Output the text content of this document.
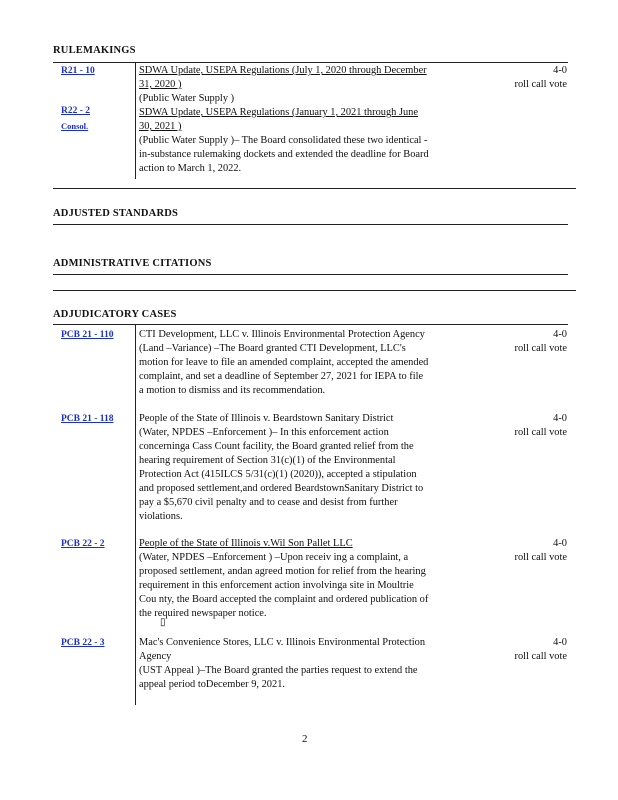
RULEMAKINGS
R21 - 10	SDWA Update, USEPA Regulations (July 1, 2020 through December
31, 2020 )
(Public Water Supply )
4-0
roll call vote
R22 - 2
Consol.
SDWA Update, USEPA Regulations (January 1, 2021 through June
30, 2021 )
(Public Water Supply )– The Board consolidated these two identical -
in-substance rulemaking dockets and extended the deadline for Board
action to March 1, 2022.
ADJUSTED STANDARDS
ADMINISTRATIVE CITATIONS
ADJUDICATORY CASES
PCB 21 - 110 CTI Development, LLC v. Illinois Environmental Protection Agency
(Land –Variance) –The Board granted CTI Development, LLC's
motion for leave to file an amended complaint, accepted the amended
complaint, and set a deadline of September 27, 2021 for IEPA to file
a motion to dismiss and its recommendation.
4-0
roll call vote
PCB 21 - 118 People of the State of Illinois v. Beardstown Sanitary District
(Water, NPDES –Enforcement )– In this enforcement action
concerninga Cass Count facility, the Board granted relief from the
hearing requirement of Section 31(c)(1) of the Environmental
Protection Act (415ILCS 5/31(c)(1) (2020)), accepted a stipulation
and proposed settlement,and ordered BeardstownSanitary District to
pay a $5,670 civil penalty and to cease and desist from further
violations.
4-0
roll call vote
PCB 22 - 2	People of the State of Illinois v.Wil Son Pallet LLC
(Water, NPDES –Enforcement ) –Upon receiv ing a complaint, a
proposed settlement, andan agreed motion for relief from the hearing
requirement in this enforcement action involvinga site in Moultrie
Cou nty, the Board accepted the complaint and ordered publication of
the required newspaper notice.
4-0
roll call vote
▯
PCB 22 - 3	Mac's Convenience Stores, LLC v. Illinois Environmental Protection
Agency
(UST Appeal )–The Board granted the parties request to extend the
appeal period toDecember 9, 2021.
4-0
roll call vote
2
